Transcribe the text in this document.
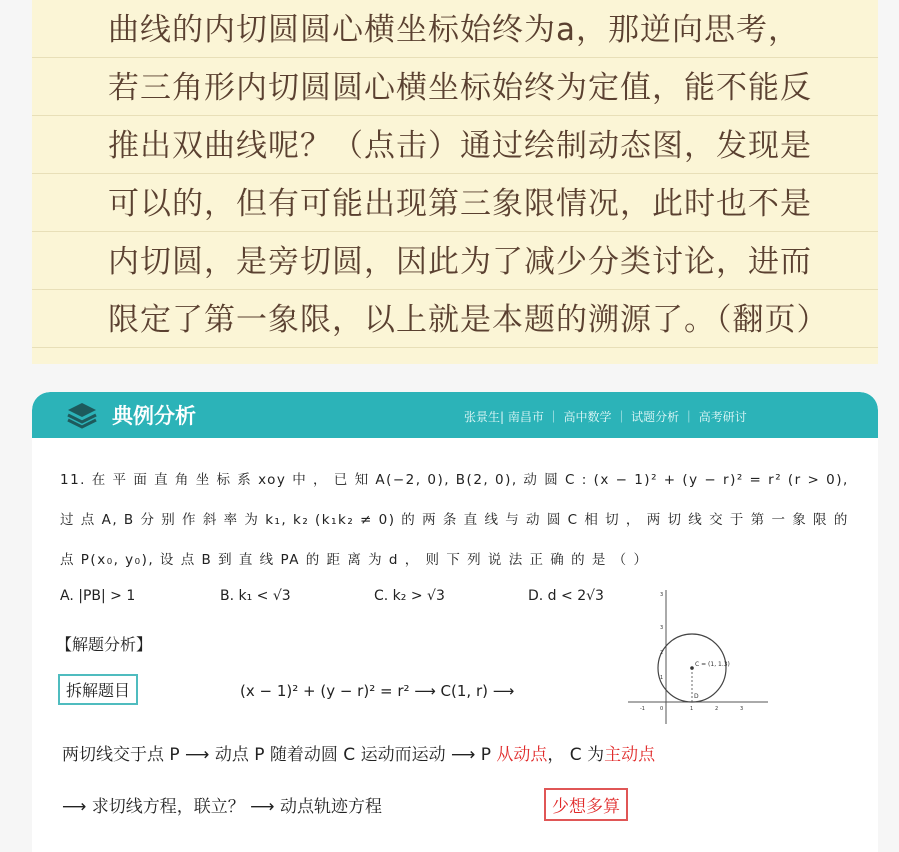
曲线的内切圆圆心横坐标始终为a，那逆向思考，
若三角形内切圆圆心横坐标始终为定值，能不能反
推出双曲线呢？（点击）通过绘制动态图，发现是
可以的，但有可能出现第三象限情况，此时也不是
内切圆，是旁切圆，因此为了减少分类讨论，进而
限定了第一象限，以上就是本题的溯源了。（翻页）
典例分析	张景生| 南昌市 ｜ 高中数学 ｜ 试题分析 ｜ 高考研讨
11. 在 平 面 直 角 坐 标 系 xoy 中 ， 已 知 A(−2, 0), B(2, 0), 动 圆 C : (x − 1)² + (y − r)² = r² (r > 0),
过 点 A, B 分 别 作 斜 率 为 k₁, k₂ (k₁k₂ ≠ 0) 的 两 条 直 线 与 动 圆 C 相 切 ， 两 切 线 交 于 第 一 象 限 的
点 P(x₀, y₀), 设 点 B 到 直 线 PA 的 距 离 为 d ， 则 下 列 说 法 正 确 的 是 （ ）
A. |PB| > 1	B. k₁ < √3	C. k₂ > √3	D. d < 2√3
【解题分析】
拆解题目	(x − 1)² + (y − r)² = r² ⟶ C(1, r) ⟶
两切线交于点 P ⟶ 动点 P 随着动圆 C 运动而运动 ⟶ P 从动点， C 为主动点
⟶ 求切线方程，联立？ ⟶ 动点轨迹方程	少想多算
C = (1, 1.3)
D
0	1	2	3
-1
1
2
3
3
